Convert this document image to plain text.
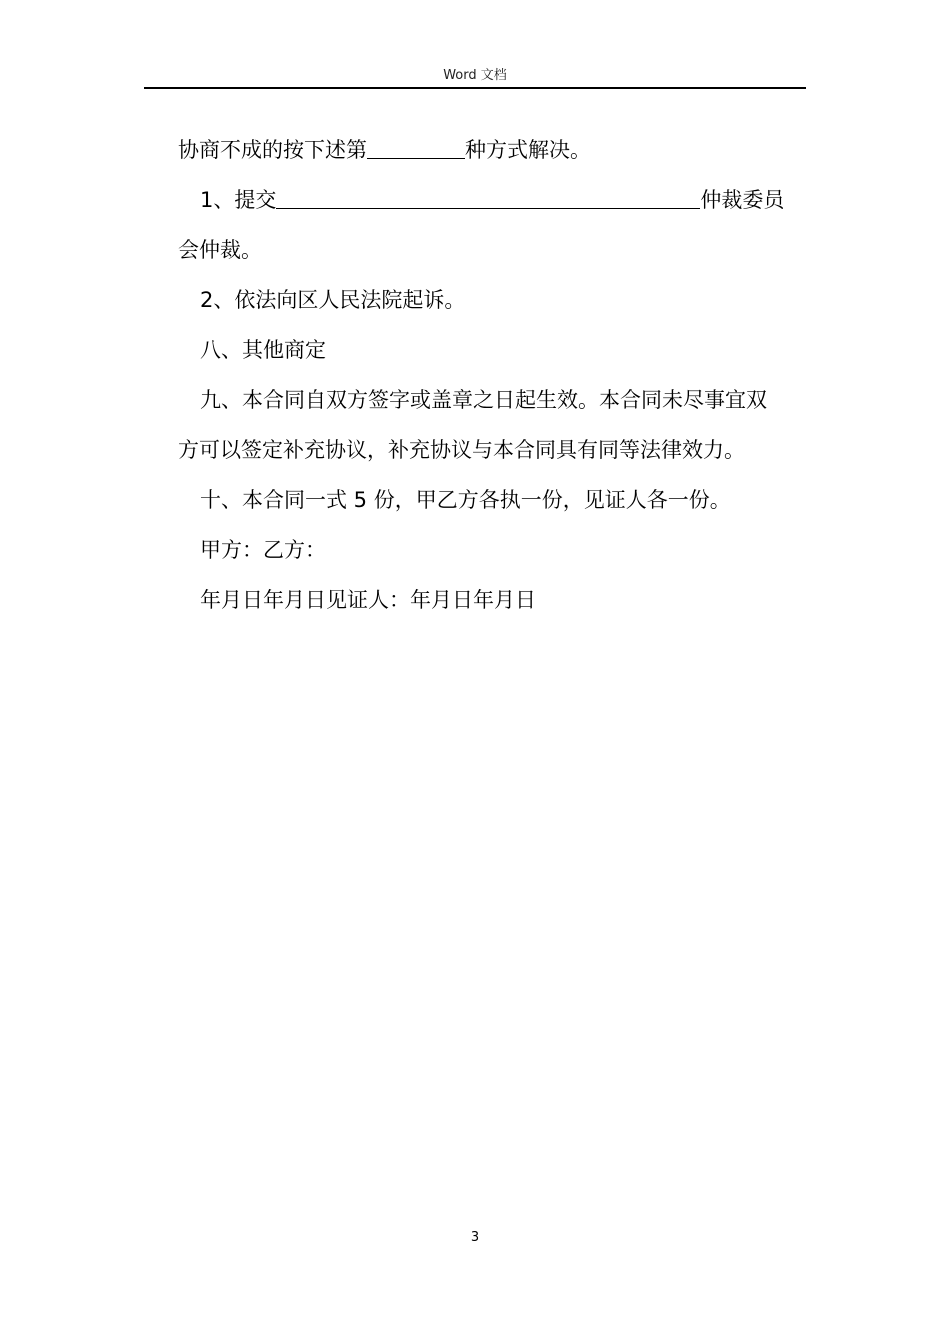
Word 文档
协商不成的按下述第	种方式解决。
1、提交	仲裁委员
会仲裁。
2、依法向区人民法院起诉。
八、其他商定
九、本合同自双方签字或盖章之日起生效。本合同未尽事宜双
方可以签定补充协议，补充协议与本合同具有同等法律效力。
十、本合同一式 5 份，甲乙方各执一份，见证人各一份。
甲方：乙方：
年月日年月日见证人：年月日年月日
3
